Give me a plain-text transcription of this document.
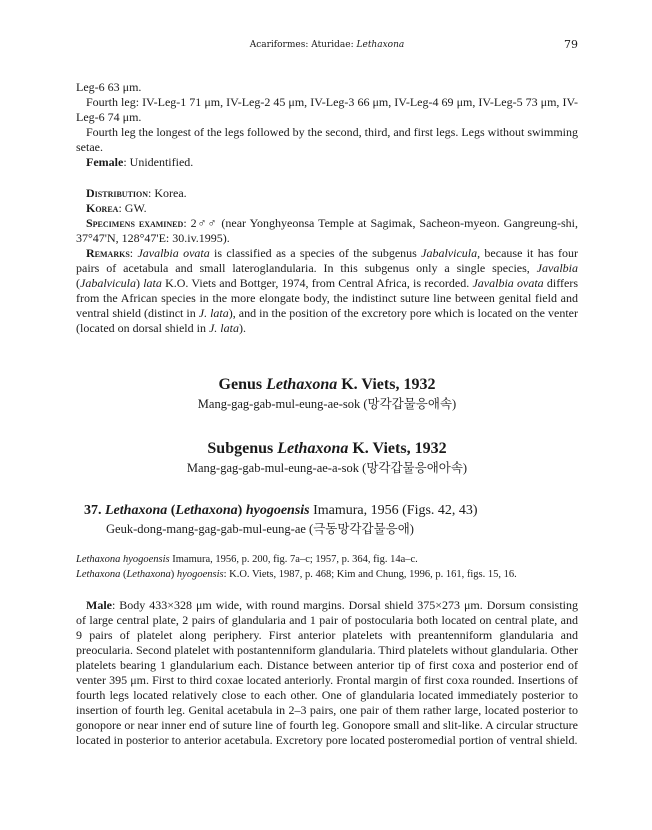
Acariformes: Aturidae: Lethaxona	79

Leg-6 63 μm.

Fourth leg: IV-Leg-1 71 μm, IV-Leg-2 45 μm, IV-Leg-3 66 μm, IV-Leg-4 69 μm, IV-Leg-5 73 μm, IV-Leg-6 74 μm.

Fourth leg the longest of the legs followed by the second, third, and first legs. Legs without swimming setae.

Female: Unidentified.

Distribution: Korea.

Korea: GW.

Specimens examined: 2♂♂ (near Yonghyeonsa Temple at Sagimak, Sacheon-myeon. Gangreung-shi, 37°47'N, 128°47'E: 30.iv.1995).

Remarks: Javalbia ovata is classified as a species of the subgenus Jabalvicula, because it has four pairs of acetabula and small lateroglandularia. In this subgenus only a single species, Javalbia (Jabalvicula) lata K.O. Viets and Bottger, 1974, from Central Africa, is recorded. Javalbia ovata differs from the African species in the more elongate body, the indistinct suture line between genital field and ventral shield (distinct in J. lata), and in the position of the excretory pore which is located on the venter (located on dorsal shield in J. lata).

Genus Lethaxona K. Viets, 1932
Mang-gag-gab-mul-eung-ae-sok (망각갑물응애속)
Subgenus Lethaxona K. Viets, 1932
Mang-gag-gab-mul-eung-ae-a-sok (망각갑물응애아속)
37. Lethaxona (Lethaxona) hyogoensis Imamura, 1956 (Figs. 42, 43)
Geuk-dong-mang-gag-gab-mul-eung-ae (극동망각갑물응애)
Lethaxona hyogoensis Imamura, 1956, p. 200, fig. 7a–c; 1957, p. 364, fig. 14a–c.
Lethaxona (Lethaxona) hyogoensis: K.O. Viets, 1987, p. 468; Kim and Chung, 1996, p. 161, figs. 15, 16.

Male: Body 433×328 μm wide, with round margins. Dorsal shield 375×273 μm. Dorsum consisting of large central plate, 2 pairs of glandularia and 1 pair of postocularia both located on central plate, and 9 pairs of platelet along periphery. First anterior platelets with preantenniform glandularia and preocularia. Second platelet with postantenniform glandularia. Third platelets without glandularia. Other platelets bearing 1 glandularium each. Distance between anterior tip of first coxa and posterior end of venter 395 μm. First to third coxae located anteriorly. Frontal margin of first coxa rounded. Insertions of fourth legs located relatively close to each other. One of glandularia located immediately posterior to insertion of fourth leg. Genital acetabula in 2–3 pairs, one pair of them rather large, located posterior to gonopore or near inner end of suture line of fourth leg. Gonopore small and slit-like. A circular structure located in posterior to anterior acetabula. Excretory pore located posteromedial portion of ventral shield.
